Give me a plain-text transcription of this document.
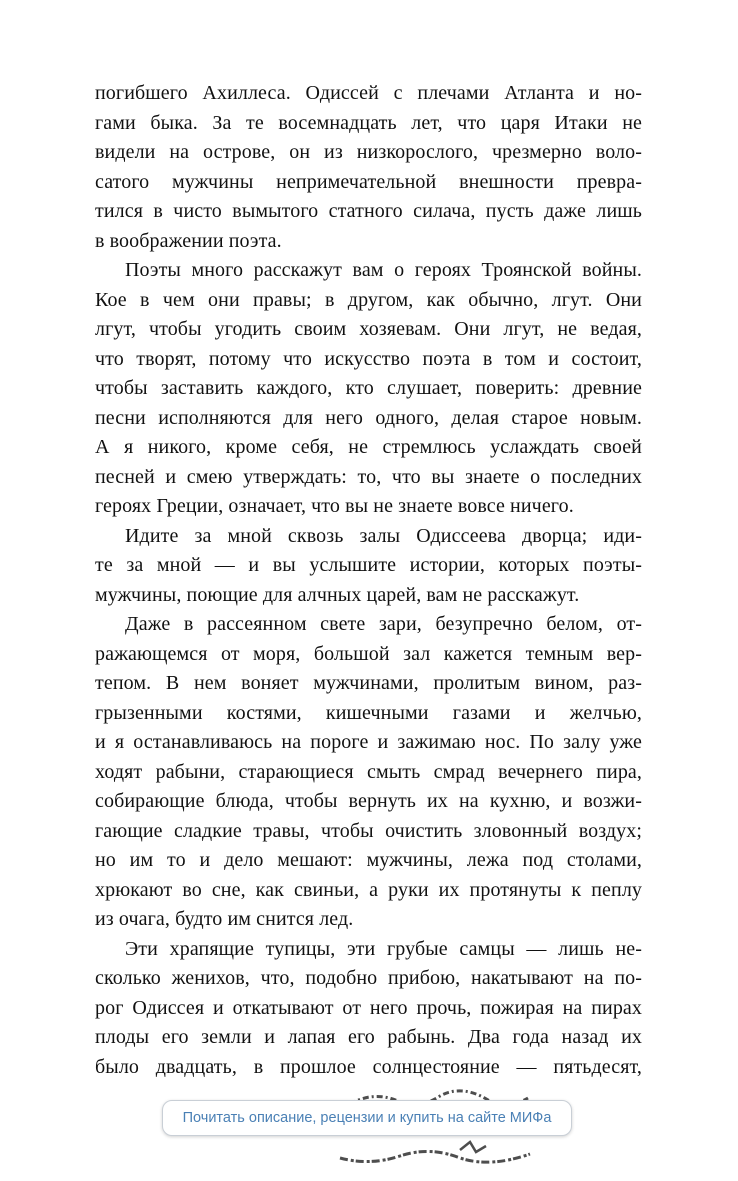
погибшего Ахиллеса. Одиссей с плечами Атланта и но-
гами быка. За те восемнадцать лет, что царя Итаки не
видели на острове, он из низкорослого, чрезмерно воло-
сатого мужчины непримечательной внешности превра-
тился в чисто вымытого статного силача, пусть даже лишь
в воображении поэта.
Поэты много расскажут вам о героях Троянской войны.
Кое в чем они правы; в другом, как обычно, лгут. Они
лгут, чтобы угодить своим хозяевам. Они лгут, не ведая,
что творят, потому что искусство поэта в том и состоит,
чтобы заставить каждого, кто слушает, поверить: древние
песни исполняются для него одного, делая старое новым.
А я никого, кроме себя, не стремлюсь услаждать своей
песней и смею утверждать: то, что вы знаете о последних
героях Греции, означает, что вы не знаете вовсе ничего.
Идите за мной сквозь залы Одиссеева дворца; иди-
те за мной — и вы услышите истории, которых поэты-
мужчины, поющие для алчных царей, вам не расскажут.
Даже в рассеянном свете зари, безупречно белом, от-
ражающемся от моря, большой зал кажется темным вер-
тепом. В нем воняет мужчинами, пролитым вином, раз-
грызенными костями, кишечными газами и желчью,
и я останавливаюсь на пороге и зажимаю нос. По залу уже
ходят рабыни, старающиеся смыть смрад вечернего пира,
собирающие блюда, чтобы вернуть их на кухню, и возжи-
гающие сладкие травы, чтобы очистить зловонный воздух;
но им то и дело мешают: мужчины, лежа под столами,
хрюкают во сне, как свиньи, а руки их протянуты к пеплу
из очага, будто им снится лед.
Эти храпящие тупицы, эти грубые самцы — лишь не-
сколько женихов, что, подобно прибою, накатывают на по-
рог Одиссея и откатывают от него прочь, пожирая на пирах
плоды его земли и лапая его рабынь. Два года назад их
было двадцать, в прошлое солнцестояние — пятьдесят,
Почитать описание, рецензии и купить на сайте МИФа
